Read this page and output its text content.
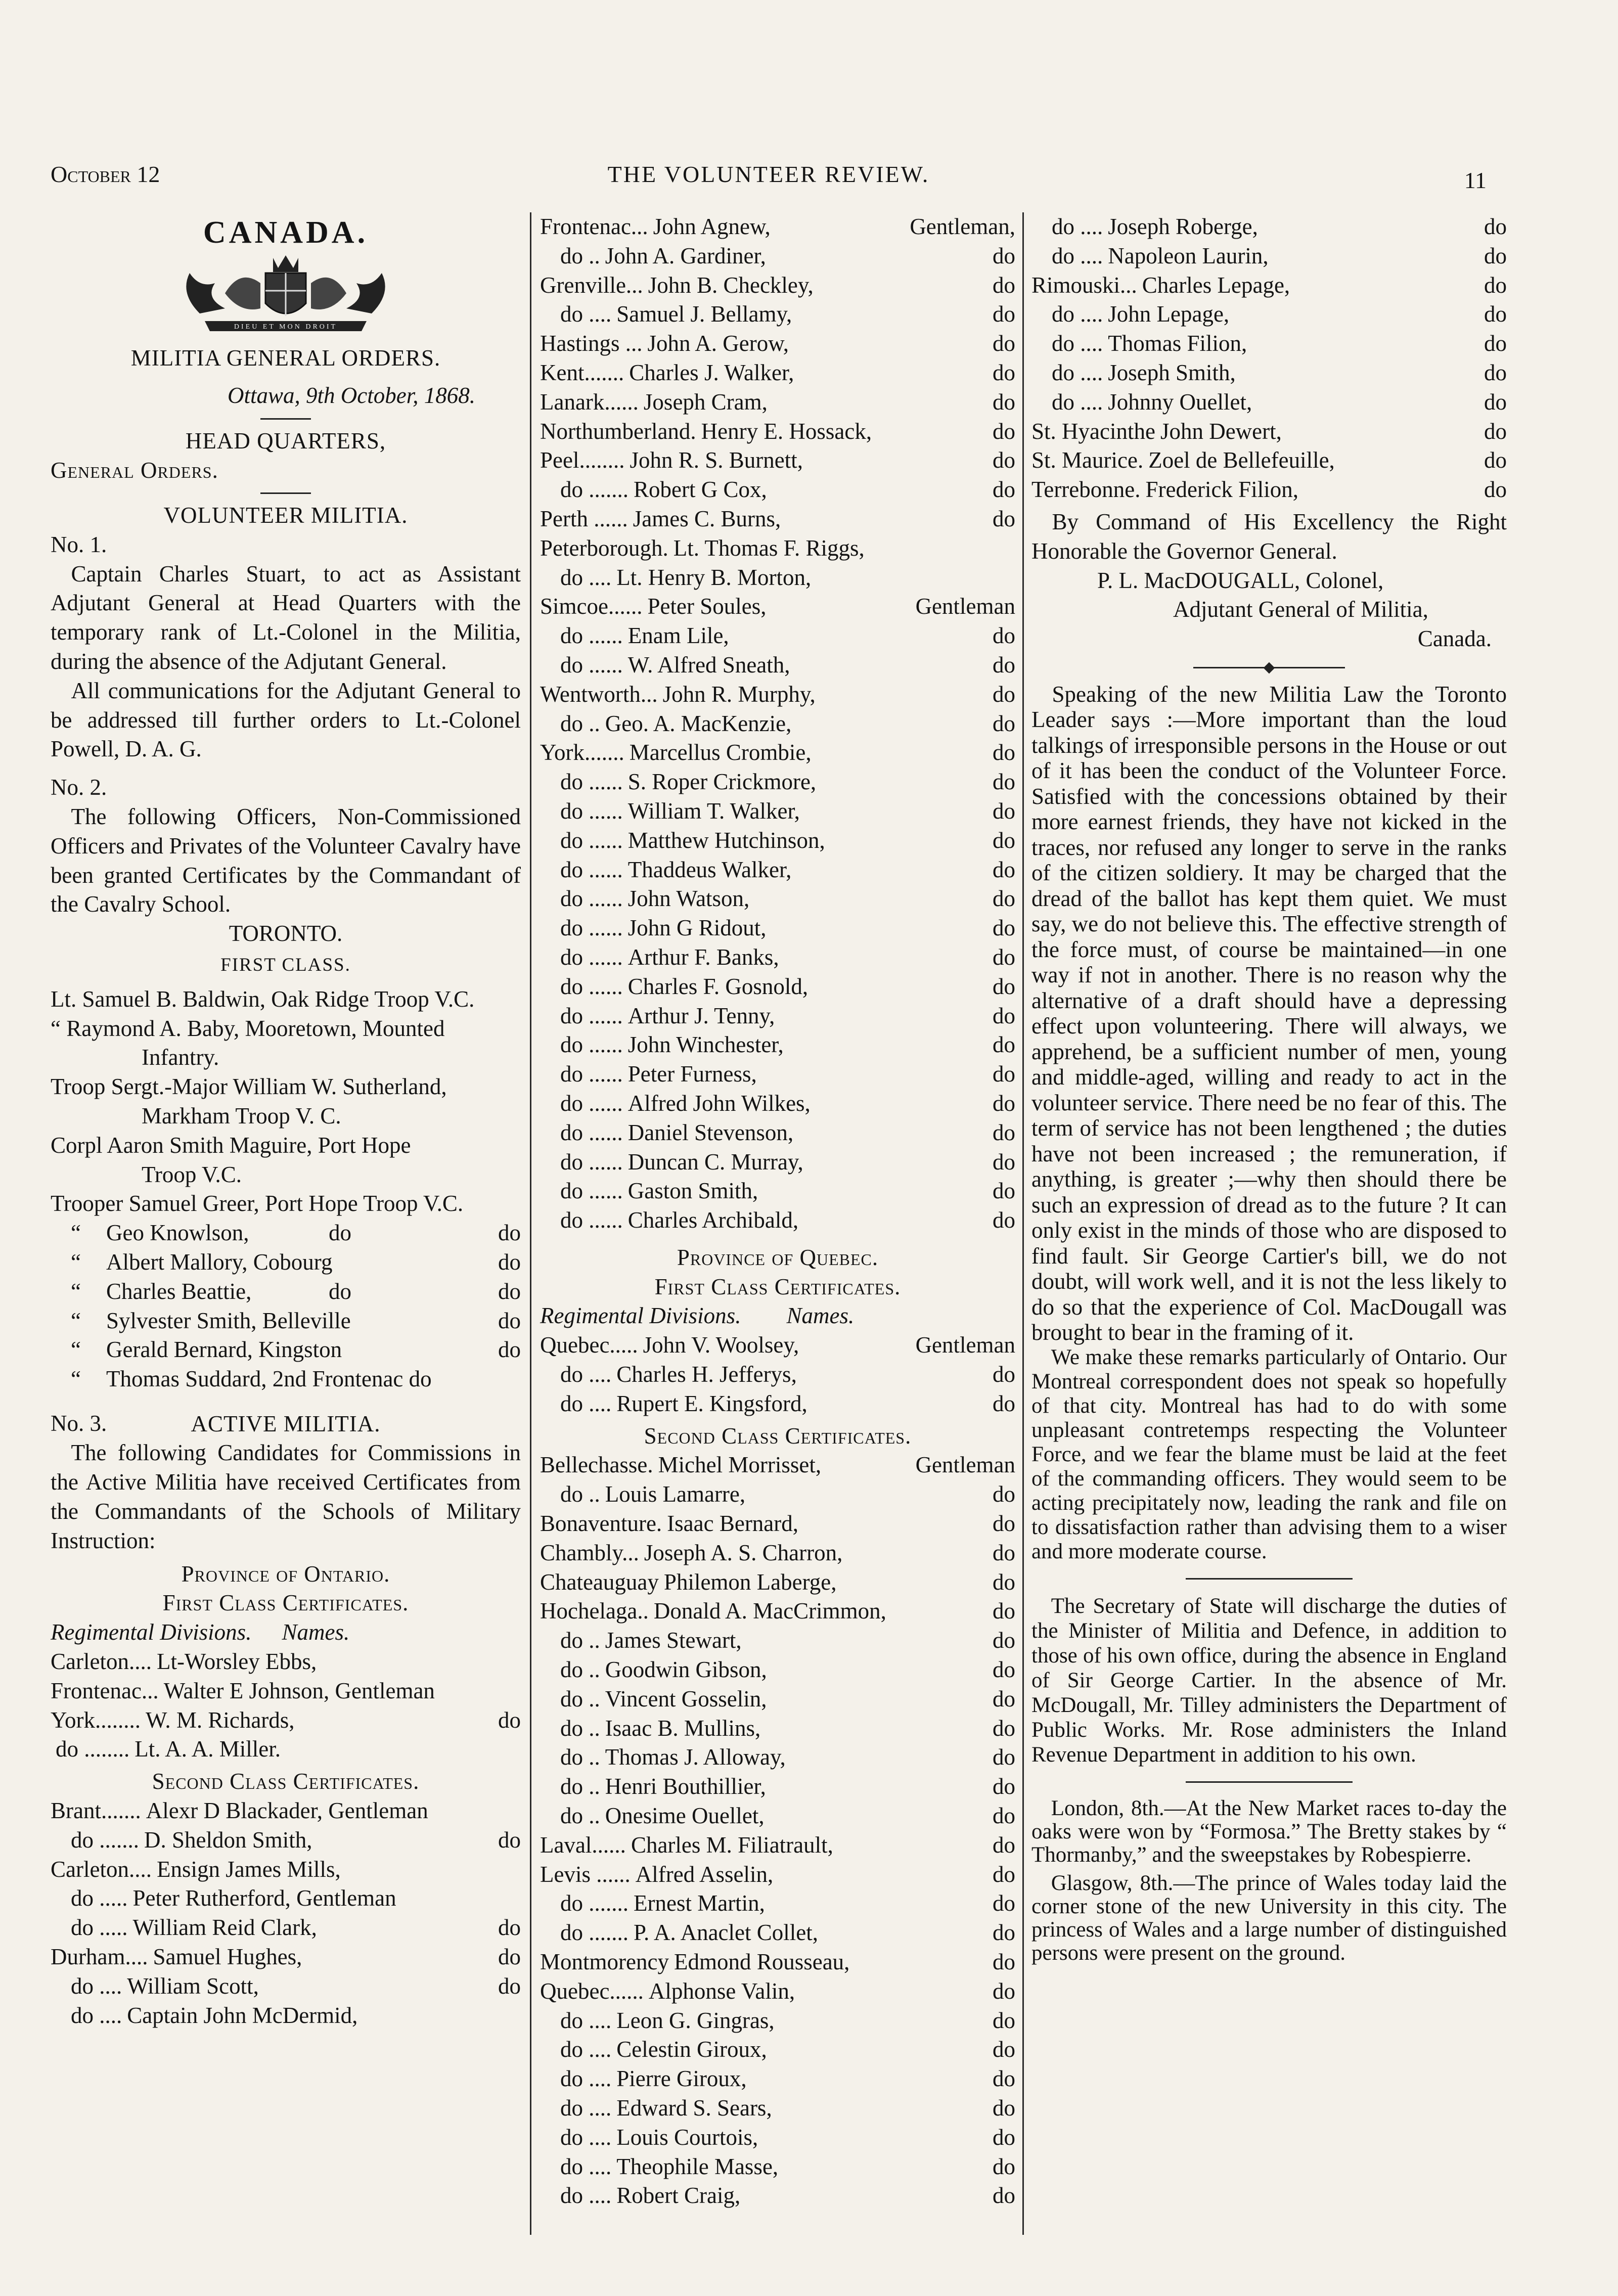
October 12	THE VOLUNTEER REVIEW.	11
CANADA.
DIEU ET MON DROIT
MILITIA GENERAL ORDERS.
Ottawa, 9th October, 1868.
HEAD QUARTERS,
General Orders.
VOLUNTEER MILITIA.
No. 1.

Captain Charles Stuart, to act as Assistant Adjutant General at Head Quarters with the temporary rank of Lt.-Colonel in the Militia, during the absence of the Adjutant General.

All communications for the Adjutant General to be addressed till further orders to Lt.-Colonel Powell, D. A. G.

No. 2.

The following Officers, Non-Commissioned Officers and Privates of the Volunteer Cavalry have been granted Certificates by the Commandant of the Cavalry School.

TORONTO.
FIRST CLASS.
Lt. Samuel B. Baldwin, Oak Ridge Troop V.C.
“ Raymond A. Baby, Mooretown, Mounted
Infantry.
Troop Sergt.-Major William W. Sutherland,
Markham Troop V. C.
Corpl Aaron Smith Maguire, Port Hope
Troop V.C.
Trooper Samuel Greer, Port Hope Troop V.C.
“	Geo Knowlson,	do	do
“	Albert Mallory, Cobourg	do
“	Charles Beattie,	do	do
“	Sylvester Smith, Belleville	do
“	Gerald Bernard, Kingston	do
“	Thomas Suddard, 2nd Frontenac do
No. 3.	ACTIVE MILITIA.

The following Candidates for Commissions in the Active Militia have received Certificates from the Commandants of the Schools of Military Instruction:

Province of Ontario.
First Class Certificates.
Regimental Divisions.	Names.
Carleton.... Lt-Worsley Ebbs,
Frontenac... Walter E Johnson, Gentleman
York........ W. M. Richards,	do
do ........ Lt. A. A. Miller.
Second Class Certificates.
Brant....... Alexr D Blackader, Gentleman
do ....... D. Sheldon Smith,	do
Carleton.... Ensign James Mills,
do ..... Peter Rutherford, Gentleman
do ..... William Reid Clark,	do
Durham.... Samuel Hughes,	do
do .... William Scott,	do
do .... Captain John McDermid,
Frontenac... John Agnew,	Gentleman,
do .. John A. Gardiner,	do
Grenville... John B. Checkley,	do
do .... Samuel J. Bellamy,	do
Hastings ... John A. Gerow,	do
Kent....... Charles J. Walker,	do
Lanark...... Joseph Cram,	do
Northumberland. Henry E. Hossack,	do
Peel........ John R. S. Burnett,	do
do ....... Robert G Cox,	do
Perth ...... James C. Burns,	do
Peterborough. Lt. Thomas F. Riggs,
do .... Lt. Henry B. Morton,
Simcoe...... Peter Soules,	Gentleman
do ...... Enam Lile,	do
do ...... W. Alfred Sneath,	do
Wentworth... John R. Murphy,	do
do .. Geo. A. MacKenzie,	do
York....... Marcellus Crombie,	do
do ...... S. Roper Crickmore,	do
do ...... William T. Walker,	do
do ...... Matthew Hutchinson,	do
do ...... Thaddeus Walker,	do
do ...... John Watson,	do
do ...... John G Ridout,	do
do ...... Arthur F. Banks,	do
do ...... Charles F. Gosnold,	do
do ...... Arthur J. Tenny,	do
do ...... John Winchester,	do
do ...... Peter Furness,	do
do ...... Alfred John Wilkes,	do
do ...... Daniel Stevenson,	do
do ...... Duncan C. Murray,	do
do ...... Gaston Smith,	do
do ...... Charles Archibald,	do
Province of Quebec.
First Class Certificates.
Regimental Divisions.	Names.
Quebec..... John V. Woolsey,	Gentleman
do .... Charles H. Jefferys,	do
do .... Rupert E. Kingsford,	do
Second Class Certificates.
Bellechasse. Michel Morrisset,	Gentleman
do .. Louis Lamarre,	do
Bonaventure. Isaac Bernard,	do
Chambly... Joseph A. S. Charron,	do
Chateauguay Philemon Laberge,	do
Hochelaga.. Donald A. MacCrimmon,	do
do .. James Stewart,	do
do .. Goodwin Gibson,	do
do .. Vincent Gosselin,	do
do .. Isaac B. Mullins,	do
do .. Thomas J. Alloway,	do
do .. Henri Bouthillier,	do
do .. Onesime Ouellet,	do
Laval...... Charles M. Filiatrault,	do
Levis ...... Alfred Asselin,	do
do ....... Ernest Martin,	do
do ....... P. A. Anaclet Collet,	do
Montmorency Edmond Rousseau,	do
Quebec...... Alphonse Valin,	do
do .... Leon G. Gingras,	do
do .... Celestin Giroux,	do
do .... Pierre Giroux,	do
do .... Edward S. Sears,	do
do .... Louis Courtois,	do
do .... Theophile Masse,	do
do .... Robert Craig,	do
do .... Joseph Roberge,	do
do .... Napoleon Laurin,	do
Rimouski... Charles Lepage,	do
do .... John Lepage,	do
do .... Thomas Filion,	do
do .... Joseph Smith,	do
do .... Johnny Ouellet,	do
St. Hyacinthe John Dewert,	do
St. Maurice. Zoel de Bellefeuille,	do
Terrebonne. Frederick Filion,	do

By Command of His Excellency the Right Honorable the Governor General.

P. L. MacDOUGALL, Colonel,
Adjutant General of Militia,
Canada.

Speaking of the new Militia Law the Toronto Leader says :—More important than the loud talkings of irresponsible persons in the House or out of it has been the conduct of the Volunteer Force. Satisfied with the concessions obtained by their more earnest friends, they have not kicked in the traces, nor refused any longer to serve in the ranks of the citizen soldiery. It may be charged that the dread of the ballot has kept them quiet. We must say, we do not believe this. The effective strength of the force must, of course be maintained—in one way if not in another. There is no reason why the alternative of a draft should have a depressing effect upon volunteering. There will always, we apprehend, be a sufficient number of men, young and middle-aged, willing and ready to act in the volunteer service. There need be no fear of this. The term of service has not been lengthened ; the duties have not been increased ; the remuneration, if anything, is greater ;—why then should there be such an expression of dread as to the future ? It can only exist in the minds of those who are disposed to find fault. Sir George Cartier's bill, we do not doubt, will work well, and it is not the less likely to do so that the experience of Col. MacDougall was brought to bear in the framing of it.

We make these remarks particularly of Ontario. Our Montreal correspondent does not speak so hopefully of that city. Montreal has had to do with some unpleasant contretemps respecting the Volunteer Force, and we fear the blame must be laid at the feet of the commanding officers. They would seem to be acting precipitately now, leading the rank and file on to dissatisfaction rather than advising them to a wiser and more moderate course.

The Secretary of State will discharge the duties of the Minister of Militia and Defence, in addition to those of his own office, during the absence in England of Sir George Cartier. In the absence of Mr. McDougall, Mr. Tilley administers the Department of Public Works. Mr. Rose administers the Inland Revenue Department in addition to his own.

London, 8th.—At the New Market races to-day the oaks were won by “Formosa.” The Bretty stakes by “ Thormanby,” and the sweepstakes by Robespierre.

Glasgow, 8th.—The prince of Wales today laid the corner stone of the new University in this city. The princess of Wales and a large number of distinguished persons were present on the ground.
